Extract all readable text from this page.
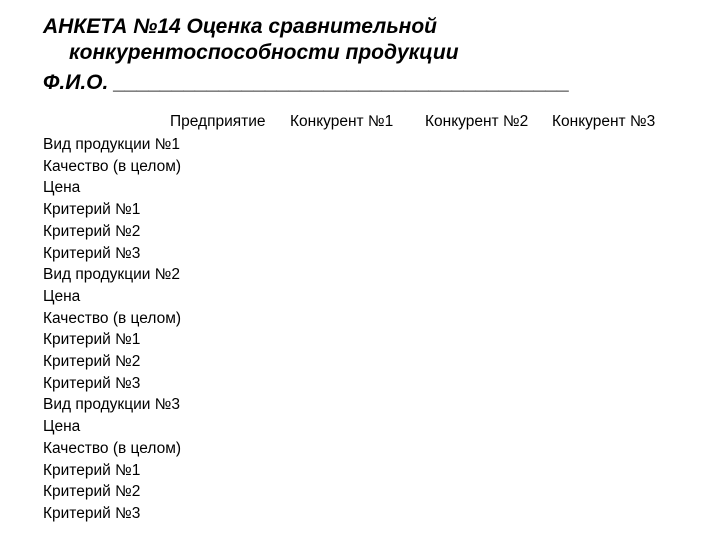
АНКЕТА №14 Оценка сравнительной
конкурентоспособности продукции
Ф.И.О. _______________________________________
Предприятие Конкурент №1 Конкурент №2 Конкурент №3
Вид продукции №1
Качество (в целом)
Цена
Критерий №1
Критерий №2
Критерий №3
Вид продукции №2
Цена
Качество (в целом)
Критерий №1
Критерий №2
Критерий №3
Вид продукции №3
Цена
Качество (в целом)
Критерий №1
Критерий №2
Критерий №3
